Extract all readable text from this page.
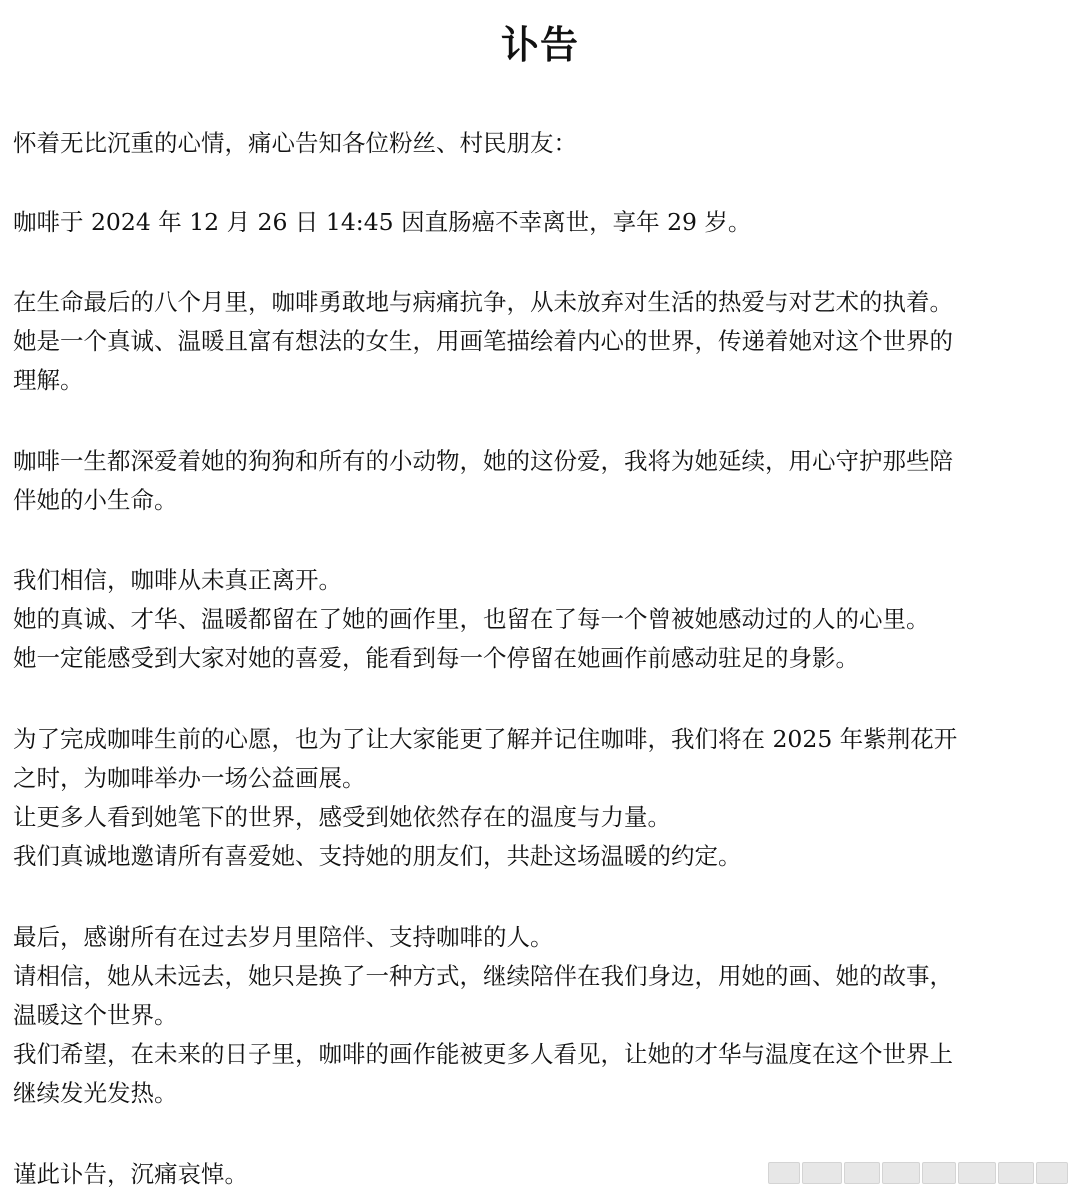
讣告

怀着无比沉重的心情，痛心告知各位粉丝、村民朋友：

咖啡于 2024 年 12 月 26 日 14:45 因直肠癌不幸离世，享年 29 岁。

在生命最后的八个月里，咖啡勇敢地与病痛抗争，从未放弃对生活的热爱与对艺术的执着。
她是一个真诚、温暖且富有想法的女生，用画笔描绘着内心的世界，传递着她对这个世界的
理解。

咖啡一生都深爱着她的狗狗和所有的小动物，她的这份爱，我将为她延续，用心守护那些陪
伴她的小生命。

我们相信，咖啡从未真正离开。
她的真诚、才华、温暖都留在了她的画作里，也留在了每一个曾被她感动过的人的心里。
她一定能感受到大家对她的喜爱，能看到每一个停留在她画作前感动驻足的身影。

为了完成咖啡生前的心愿，也为了让大家能更了解并记住咖啡，我们将在 2025 年紫荆花开
之时，为咖啡举办一场公益画展。
让更多人看到她笔下的世界，感受到她依然存在的温度与力量。
我们真诚地邀请所有喜爱她、支持她的朋友们，共赴这场温暖的约定。

最后，感谢所有在过去岁月里陪伴、支持咖啡的人。
请相信，她从未远去，她只是换了一种方式，继续陪伴在我们身边，用她的画、她的故事，
温暖这个世界。
我们希望，在未来的日子里，咖啡的画作能被更多人看见，让她的才华与温度在这个世界上
继续发光发热。

谨此讣告，沉痛哀悼。
